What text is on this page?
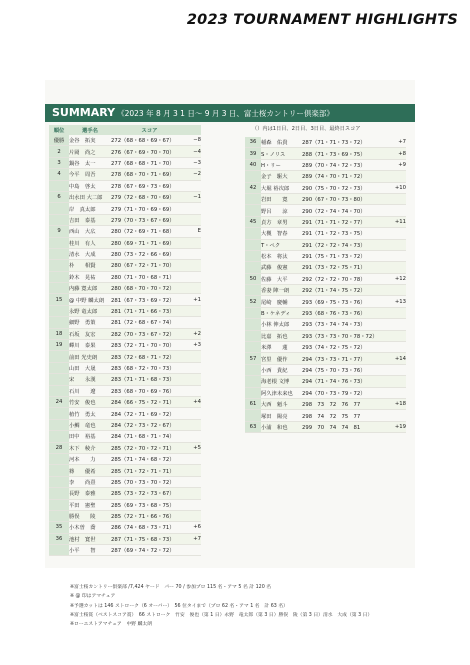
2023 TOURNAMENT HIGHLIGHTS
SUMMARY 《2023 年 8 月 3 1 日〜 9 月 3 日、富士桜カントリー倶楽部》
（）内は1日目、2日目、3日目、最終日スコア
順位	選手名	スコア	
優勝	金谷　拓実	272（68・68・69・67）	−8
2	片岡　尚之	276（67・69・70・70）	−4
3	鍋谷　太一	277（68・68・71・70）	−3
4	今平　周吾	278（68・70・71・69）	−2
	中島　啓太	278（67・69・73・69）	
6	出水田 大二郎	279（72・68・70・69）	−1
	岸　真太郎	279（71・70・69・69）	
	吉田　泰基	279（70・73・67・69）	
9	西山　大広	280（72・69・71・68）	E
	桂川　有人	280（69・71・71・69）	
	清水　大成	280（73・72・66・69）	
	朴　　相賢	280（67・72・71・70）	
	鈴木　晃祐	280（71・70・68・71）	
	内藤 寛太郎	280（68・70・70・72）	
15	@ 中野 麟太朗	281（67・73・69・72）	+1
	永野 竜太郎	281（71・71・66・73）	
	細野　勇策	281（72・68・67・74）	
18	石坂　友宏	282（70・73・67・72）	+2
19	蟬川　泰果	283（72・71・70・70）	+3
	前田 光史朗	283（72・68・71・72）	
	山田　大晟	283（68・72・70・73）	
	宋　　永漢	283（71・71・68・73）	
	石川　　遼	283（68・70・69・76）	
24	竹安　俊也	284（66・75・72・71）	+4
	植竹　勇太	284（72・71・69・72）	
	小鯛　竜也	284（72・73・72・67）	
	田中　裕基	284（71・68・71・74）	
28	木下　稜介	285（72・70・72・71）	+5
	河本　　力	285（71・74・68・72）	
	篠　　優希	285（71・72・71・71）	
	李　　尚熹	285（70・73・70・72）	
	長野　泰雅	285（73・72・73・67）	
	平田　憲聖	285（69・73・68・75）	
	勝俣　　陵	285（72・71・66・76）	
35	小木曽　喬	286（74・68・73・71）	+6
36	池村　寛世	287（71・75・68・73）	+7
	小平　　智	287（69・74・72・72）	
36	稲森　佑貴	287（71・71・73・72）	+7
39	S・ノリス	288（71・73・69・75）	+8
40	H・リー	289（70・74・72・73）	+9
	金子　駆大	289（74・70・71・72）	
42	大堀 裕次郎	290（75・70・72・73）	+10
	岩田　　寛	290（67・70・73・80）	
	野呂　　涼	290（72・74・74・70）	
45	貞方　章男	291（71・71・72・77）	+11
	大槻　智春	291（71・72・73・75）	
	T・ペク	291（72・72・74・73）	
	松本　将汰	291（75・71・73・72）	
	武藤　俊憲	291（73・72・75・71）	
50	佐藤　大平	292（72・72・70・78）	+12
	香妻 陣一朗	292（71・74・75・72）	
52	尾崎　慶輔	293（69・75・73・76）	+13
	B・ケネディ	293（68・76・73・76）	
	小林 伸太郎	293（73・74・74・73）	
	比嘉　拓也	293（73・73・70・78・72）	
	米澤　　蓮	293（74・72・75・72）	
57	宮里　優作	294（73・73・71・77）	+14
	小西　貴紀	294（75・70・73・76）	
	海老根 文博	294（71・74・76・73）	
	阿久津未来也	294（70・73・79・72）	
61	大西　魁斗	298　73　72　76　77	+18
	塚田　陽亮	298　74　72　75　77	
63	小浦　和也	299　70　74　74　81	+19
※富士桜カントリー倶楽部 /7,424 ヤード　パー 70 / 参加プロ 115 名・アマ 5 名 計 120 名
※ @ 印はアマチュア
※予選カットは 146 ストローク（6 オーバー）　56 位タイまで（プロ 62 名・アマ 1 名　計 63 名）
※富士桜賞（ベストスコア賞）　66 ストローク　竹安　俊也（第 1 日）永野　竜太郎（第 3 日）勝俣　陵（第 3 日）清水　大成（第 3 日）
※ローエストアマチュア　中野 麟太朗
